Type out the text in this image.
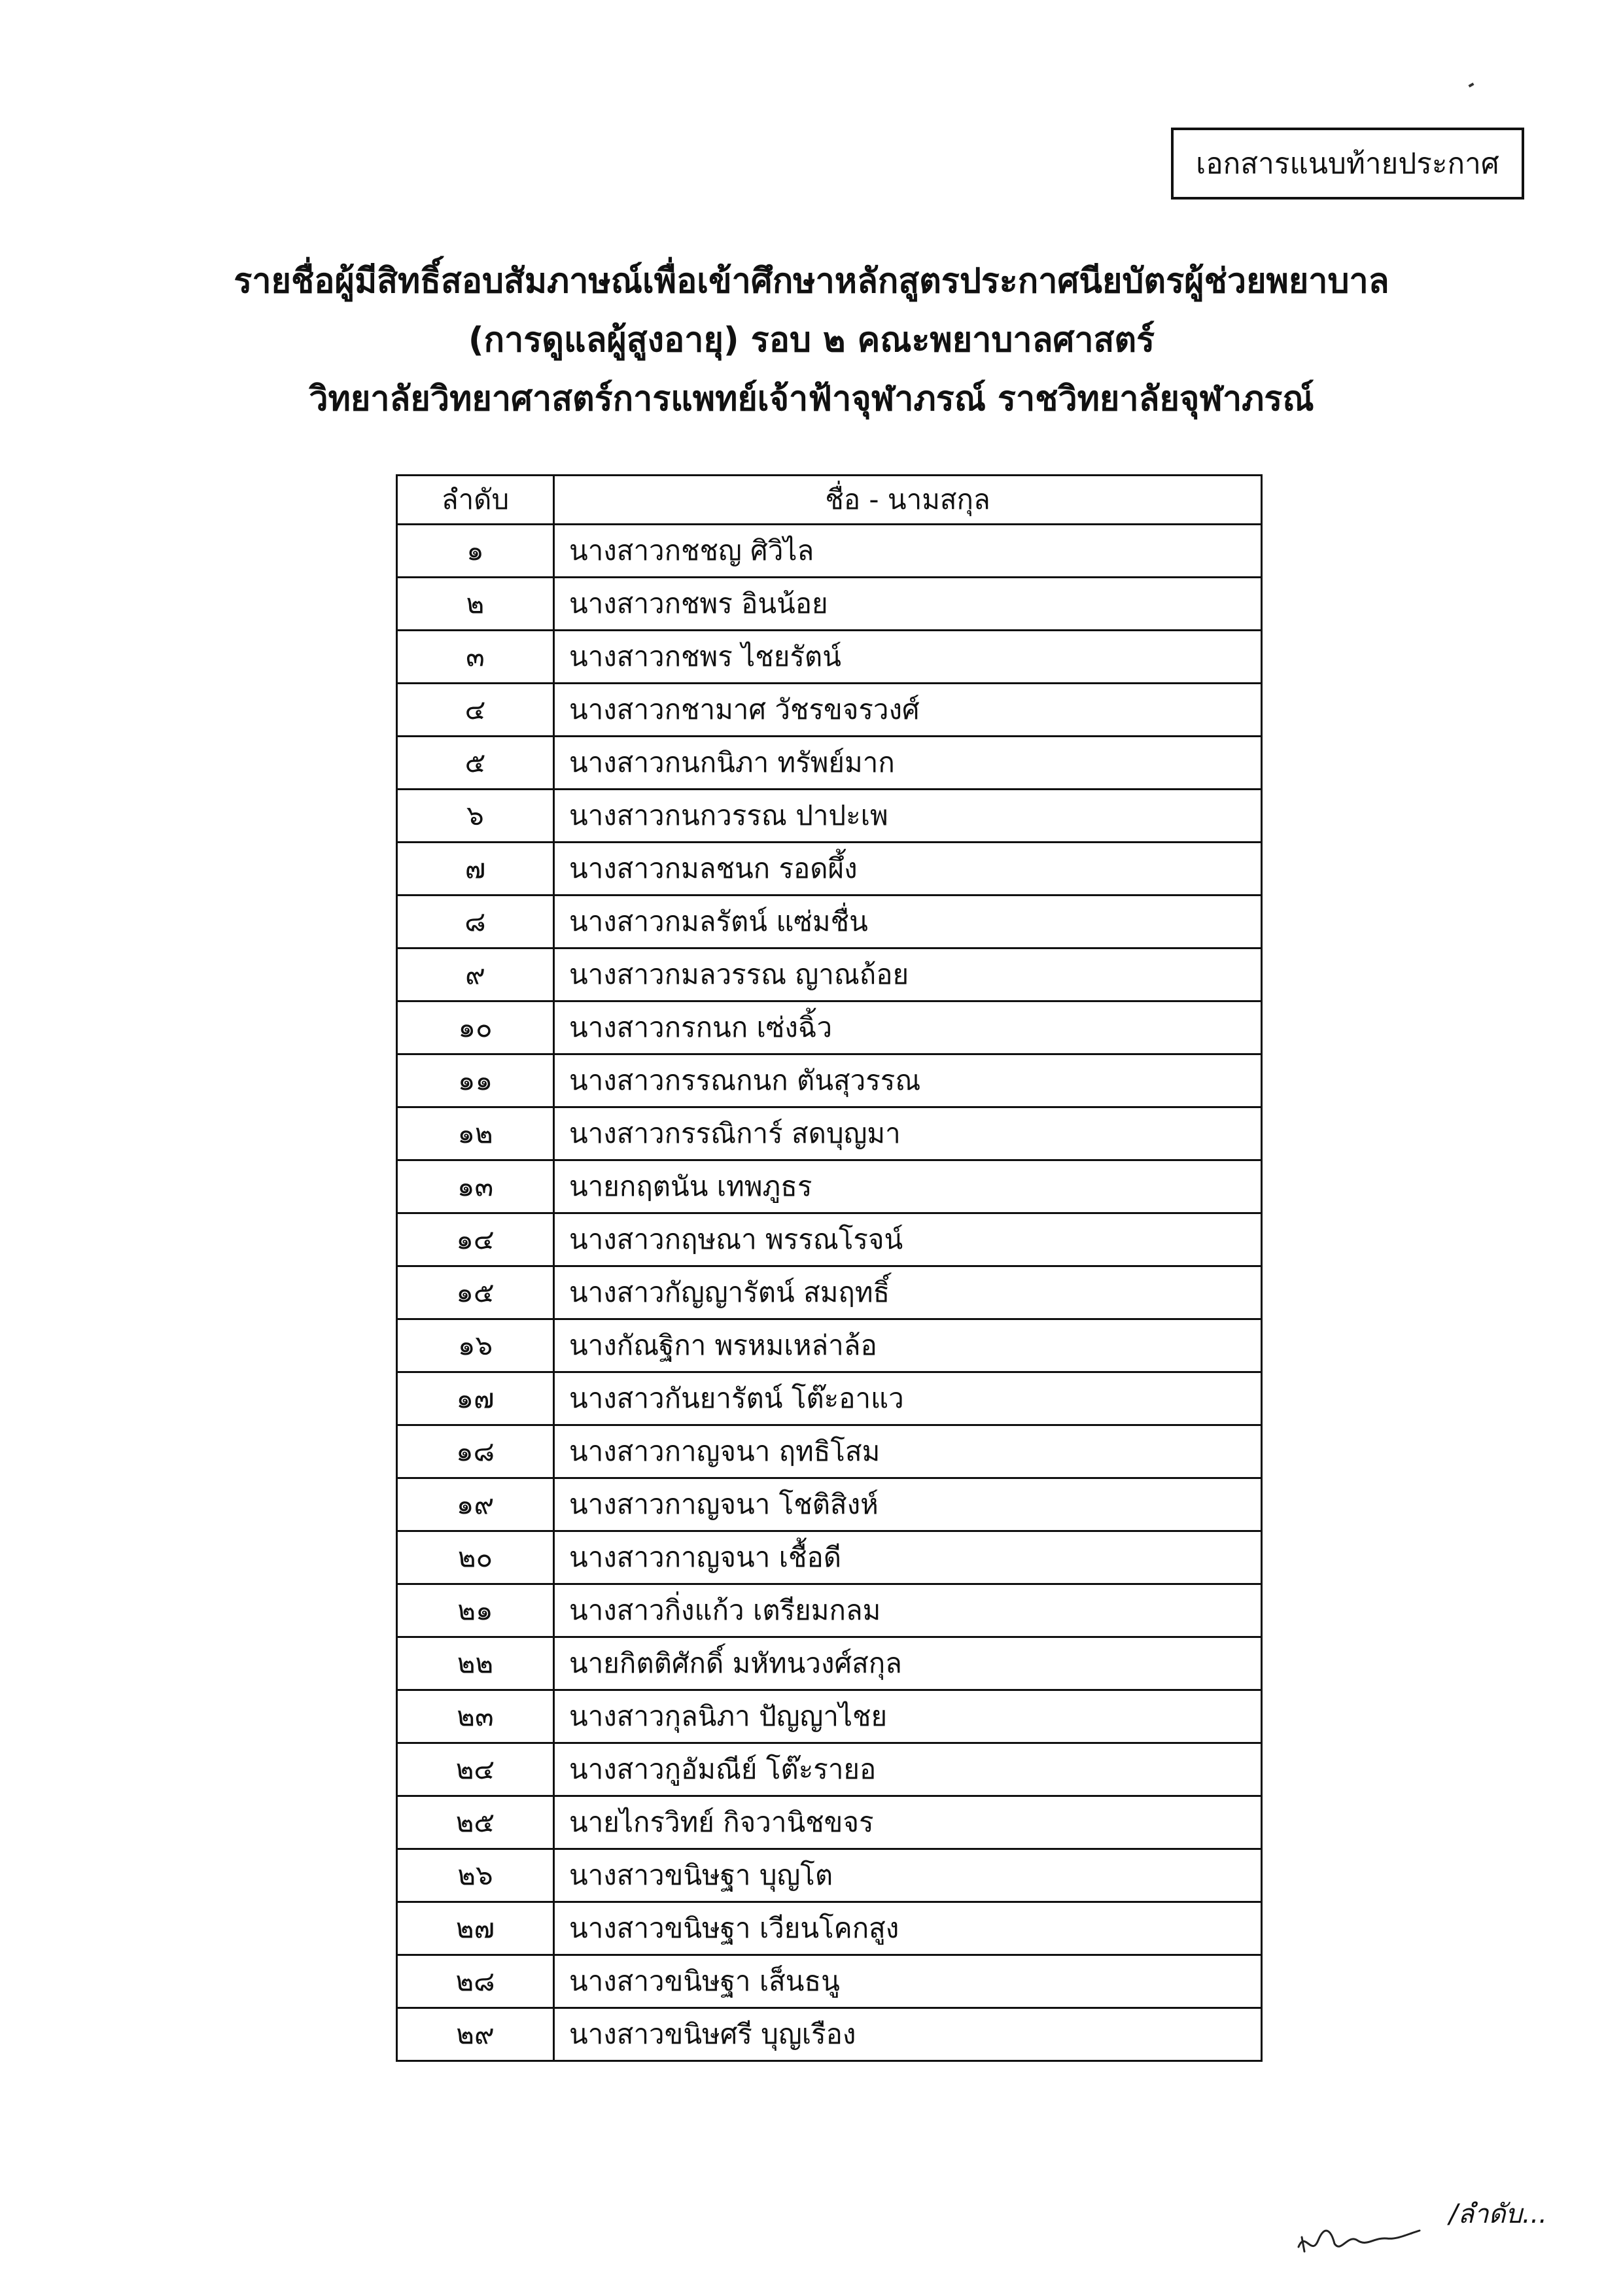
เอกสารแนบท้ายประกาศ
รายชื่อผู้มีสิทธิ์สอบสัมภาษณ์เพื่อเข้าศึกษาหลักสูตรประกาศนียบัตรผู้ช่วยพยาบาล
(การดูแลผู้สูงอายุ) รอบ ๒ คณะพยาบาลศาสตร์
วิทยาลัยวิทยาศาสตร์การแพทย์เจ้าฟ้าจุฬาภรณ์ ราชวิทยาลัยจุฬาภรณ์
ลำดับ	ชื่อ - นามสกุล
๑	นางสาวกชชญ ศิวิไล
๒	นางสาวกชพร อินน้อย
๓	นางสาวกชพร ไชยรัตน์
๔	นางสาวกชามาศ วัชรขจรวงศ์
๕	นางสาวกนกนิภา ทรัพย์มาก
๖	นางสาวกนกวรรณ ปาปะเพ
๗	นางสาวกมลชนก รอดผึ้ง
๘	นางสาวกมลรัตน์ แซ่มชื่น
๙	นางสาวกมลวรรณ ญาณถ้อย
๑๐	นางสาวกรกนก เซ่งฉิ้ว
๑๑	นางสาวกรรณกนก ตันสุวรรณ
๑๒	นางสาวกรรณิการ์ สดบุญมา
๑๓	นายกฤตนัน เทพภูธร
๑๔	นางสาวกฤษณา พรรณโรจน์
๑๕	นางสาวกัญญารัตน์ สมฤทธิ์
๑๖	นางกัณฐิกา พรหมเหล่าล้อ
๑๗	นางสาวกันยารัตน์ โต๊ะอาแว
๑๘	นางสาวกาญจนา ฤทธิโสม
๑๙	นางสาวกาญจนา โชติสิงห์
๒๐	นางสาวกาญจนา เชื้อดี
๒๑	นางสาวกิ่งแก้ว เตรียมกลม
๒๒	นายกิตติศักดิ์ มหัทนวงศ์สกุล
๒๓	นางสาวกุลนิภา ปัญญาไชย
๒๔	นางสาวกูอัมณีย์ โต๊ะรายอ
๒๕	นายไกรวิทย์ กิจวานิชขจร
๒๖	นางสาวขนิษฐา บุญโต
๒๗	นางสาวขนิษฐา เวียนโคกสูง
๒๘	นางสาวขนิษฐา เส็นธนู
๒๙	นางสาวขนิษศรี บุญเรือง
/ลำดับ...
